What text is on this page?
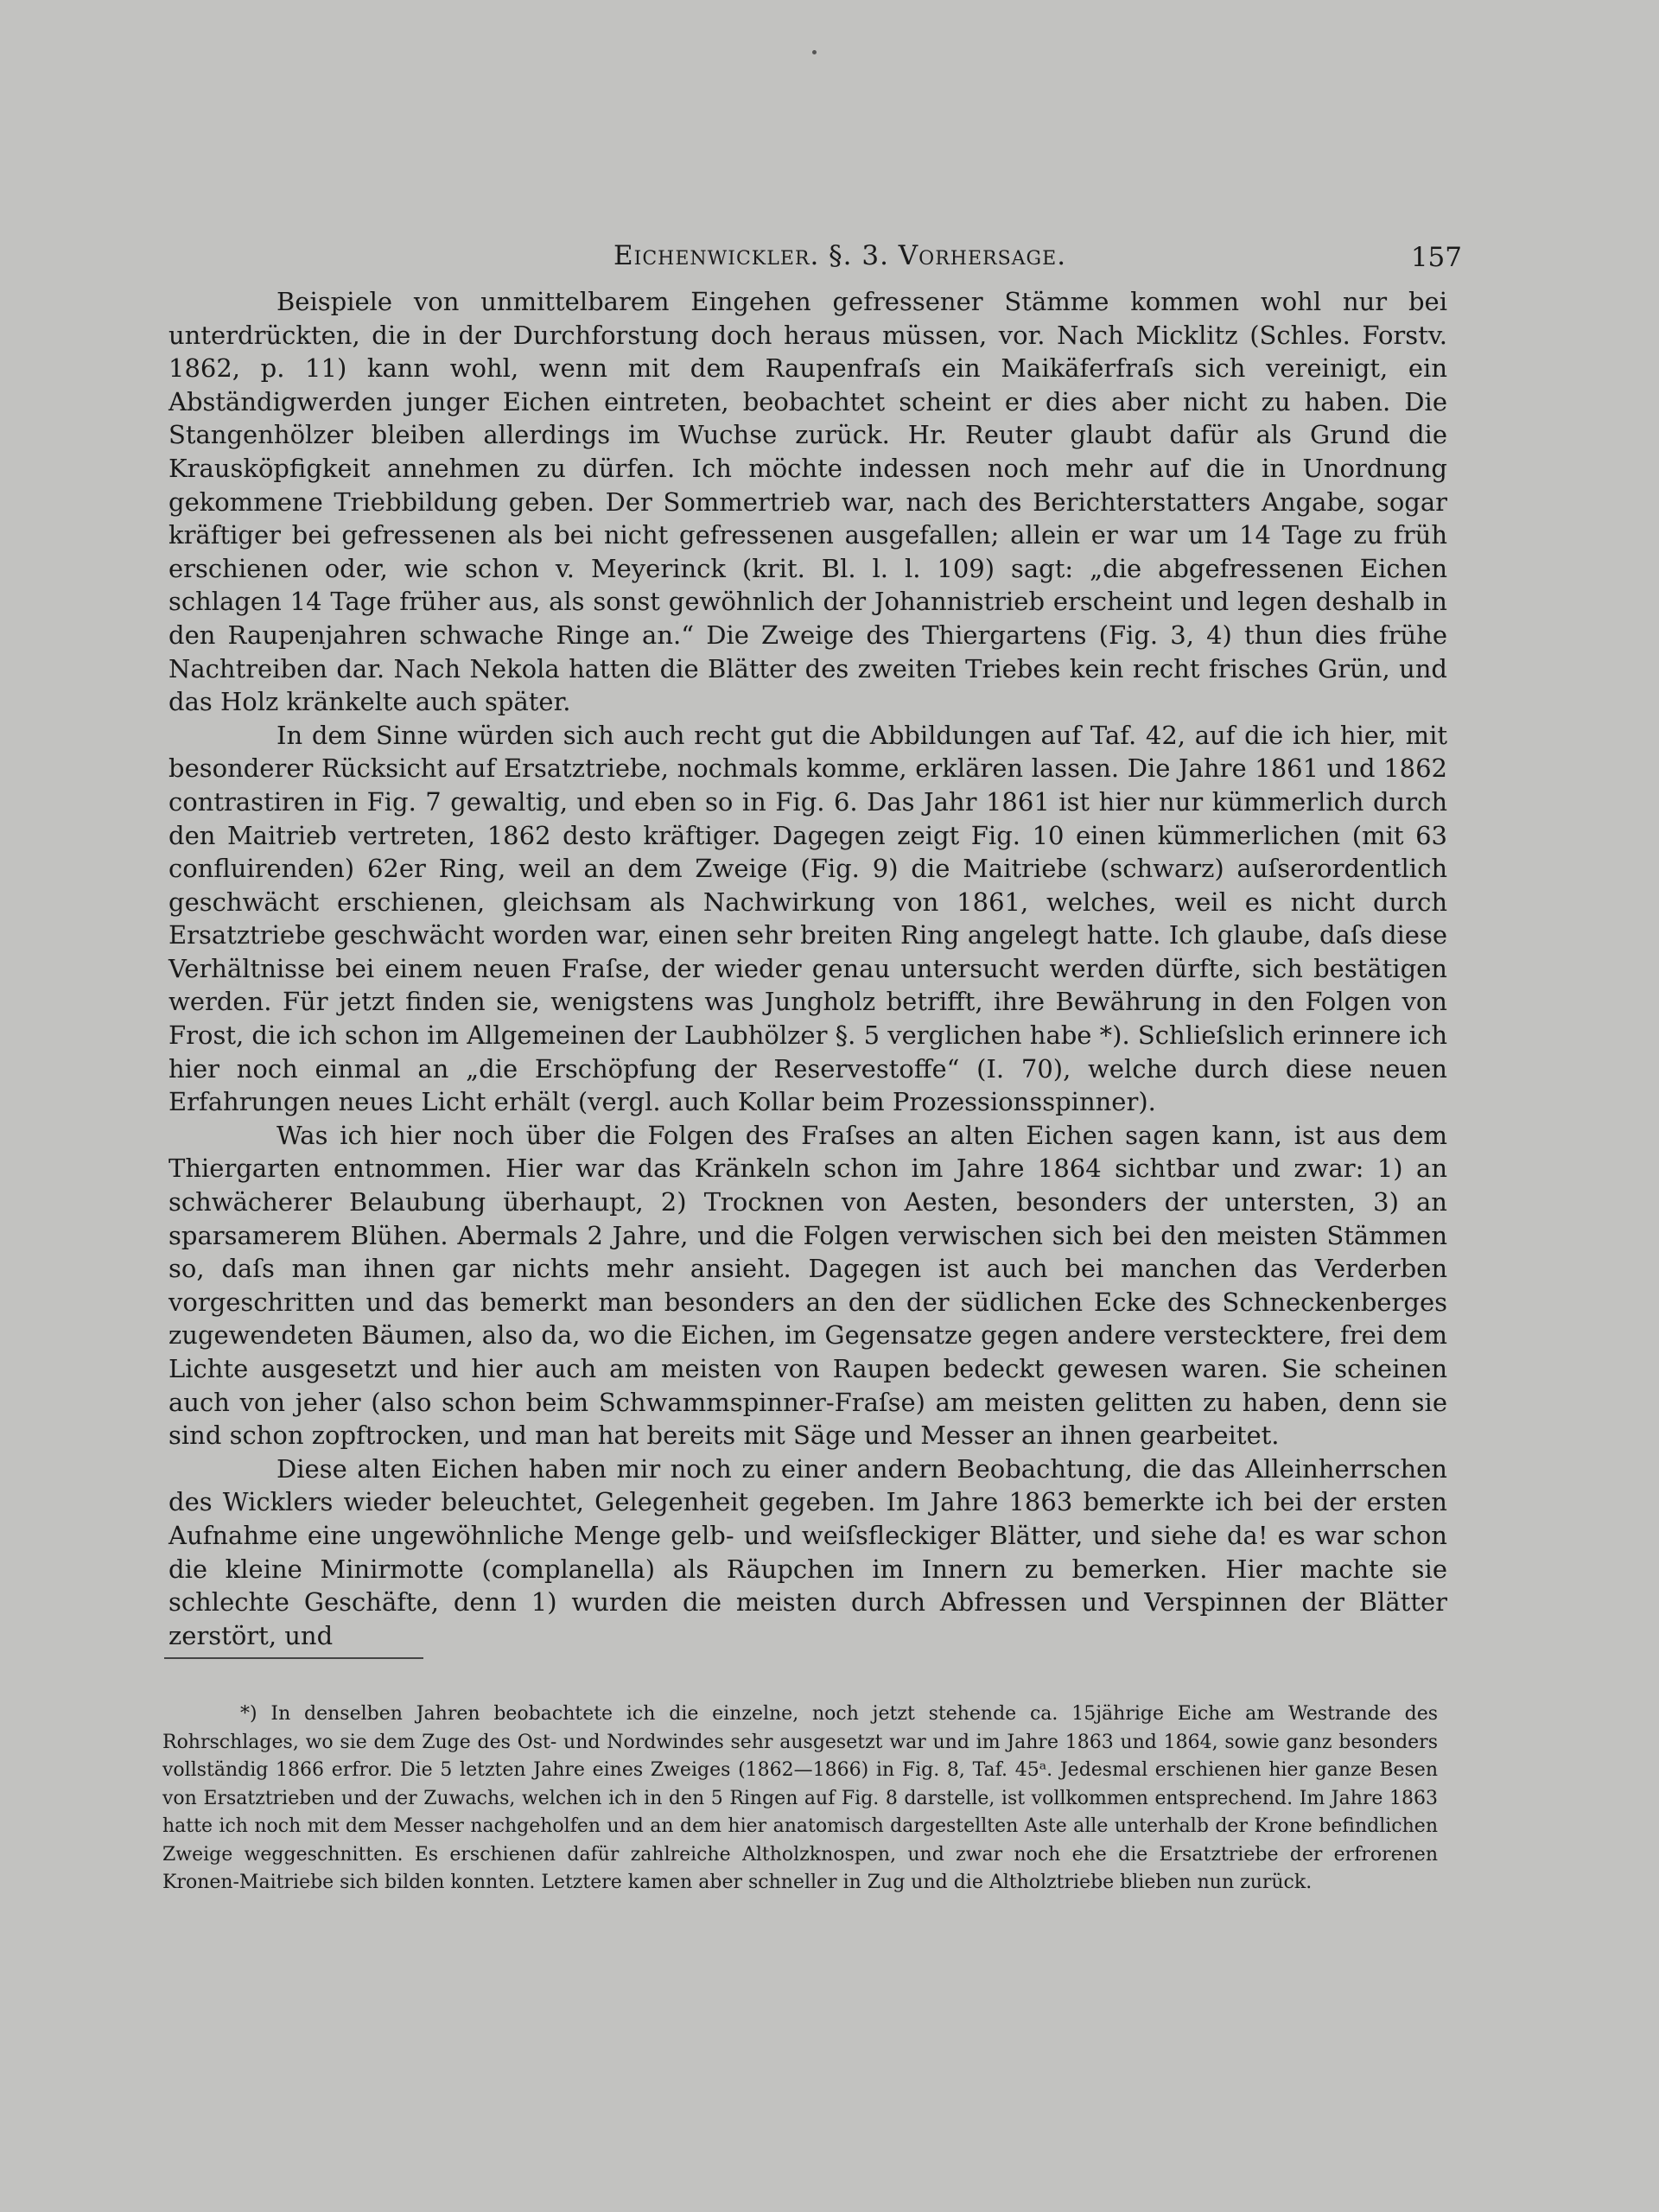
Eichenwickler. §. 3. Vorhersage.	157

Beispiele von unmittelbarem Eingehen gefressener Stämme kommen wohl nur bei unterdrückten, die in der Durchforstung doch heraus müssen, vor. Nach Micklitz (Schles. Forstv. 1862, p. 11) kann wohl, wenn mit dem Raupenfraſs ein Maikäferfraſs sich vereinigt, ein Abständigwerden junger Eichen eintreten, beobachtet scheint er dies aber nicht zu haben. Die Stangenhölzer bleiben allerdings im Wuchse zurück. Hr. Reuter glaubt dafür als Grund die Krausköpfigkeit annehmen zu dürfen. Ich möchte indessen noch mehr auf die in Unordnung gekommene Triebbildung geben. Der Sommertrieb war, nach des Berichterstatters Angabe, sogar kräftiger bei gefressenen als bei nicht gefressenen ausgefallen; allein er war um 14 Tage zu früh erschienen oder, wie schon v. Meyerinck (krit. Bl. l. l. 109) sagt: „die abgefressenen Eichen schlagen 14 Tage früher aus, als sonst gewöhnlich der Johannistrieb erscheint und legen deshalb in den Raupenjahren schwache Ringe an.“ Die Zweige des Thiergartens (Fig. 3, 4) thun dies frühe Nachtreiben dar. Nach Nekola hatten die Blätter des zweiten Triebes kein recht frisches Grün, und das Holz kränkelte auch später.

In dem Sinne würden sich auch recht gut die Abbildungen auf Taf. 42, auf die ich hier, mit besonderer Rücksicht auf Ersatztriebe, nochmals komme, erklären lassen. Die Jahre 1861 und 1862 contrastiren in Fig. 7 gewaltig, und eben so in Fig. 6. Das Jahr 1861 ist hier nur kümmerlich durch den Maitrieb vertreten, 1862 desto kräftiger. Dagegen zeigt Fig. 10 einen kümmerlichen (mit 63 confluirenden) 62er Ring, weil an dem Zweige (Fig. 9) die Maitriebe (schwarz) auſserordentlich geschwächt erschienen, gleichsam als Nachwirkung von 1861, welches, weil es nicht durch Ersatztriebe geschwächt worden war, einen sehr breiten Ring angelegt hatte. Ich glaube, daſs diese Verhältnisse bei einem neuen Fraſse, der wieder genau untersucht werden dürfte, sich bestätigen werden. Für jetzt finden sie, wenigstens was Jungholz betrifft, ihre Bewährung in den Folgen von Frost, die ich schon im Allgemeinen der Laubhölzer §. 5 verglichen habe *). Schlieſslich erinnere ich hier noch einmal an „die Erschöpfung der Reservestoffe“ (I. 70), welche durch diese neuen Erfahrungen neues Licht erhält (vergl. auch Kollar beim Prozessionsspinner).

Was ich hier noch über die Folgen des Fraſses an alten Eichen sagen kann, ist aus dem Thiergarten entnommen. Hier war das Kränkeln schon im Jahre 1864 sichtbar und zwar: 1) an schwächerer Belaubung überhaupt, 2) Trocknen von Aesten, besonders der untersten, 3) an sparsamerem Blühen. Abermals 2 Jahre, und die Folgen verwischen sich bei den meisten Stämmen so, daſs man ihnen gar nichts mehr ansieht. Dagegen ist auch bei manchen das Verderben vorgeschritten und das bemerkt man besonders an den der südlichen Ecke des Schneckenberges zugewendeten Bäumen, also da, wo die Eichen, im Gegensatze gegen andere verstecktere, frei dem Lichte ausgesetzt und hier auch am meisten von Raupen bedeckt gewesen waren. Sie scheinen auch von jeher (also schon beim Schwammspinner-Fraſse) am meisten gelitten zu haben, denn sie sind schon zopftrocken, und man hat bereits mit Säge und Messer an ihnen gearbeitet.

Diese alten Eichen haben mir noch zu einer andern Beobachtung, die das Alleinherrschen des Wicklers wieder beleuchtet, Gelegenheit gegeben. Im Jahre 1863 bemerkte ich bei der ersten Aufnahme eine ungewöhnliche Menge gelb- und weiſsfleckiger Blätter, und siehe da! es war schon die kleine Minirmotte (complanella) als Räupchen im Innern zu bemerken. Hier machte sie schlechte Geschäfte, denn 1) wurden die meisten durch Abfressen und Verspinnen der Blätter zerstört, und

*) In denselben Jahren beobachtete ich die einzelne, noch jetzt stehende ca. 15jährige Eiche am Westrande des Rohrschlages, wo sie dem Zuge des Ost- und Nordwindes sehr ausgesetzt war und im Jahre 1863 und 1864, sowie ganz besonders vollständig 1866 erfror. Die 5 letzten Jahre eines Zweiges (1862—1866) in Fig. 8, Taf. 45ᵃ. Jedesmal erschienen hier ganze Besen von Ersatztrieben und der Zuwachs, welchen ich in den 5 Ringen auf Fig. 8 darstelle, ist vollkommen entsprechend. Im Jahre 1863 hatte ich noch mit dem Messer nachgeholfen und an dem hier anatomisch dargestellten Aste alle unterhalb der Krone befindlichen Zweige weggeschnitten. Es erschienen dafür zahlreiche Altholzknospen, und zwar noch ehe die Ersatztriebe der erfrorenen Kronen-Maitriebe sich bilden konnten. Letztere kamen aber schneller in Zug und die Altholztriebe blieben nun zurück.
